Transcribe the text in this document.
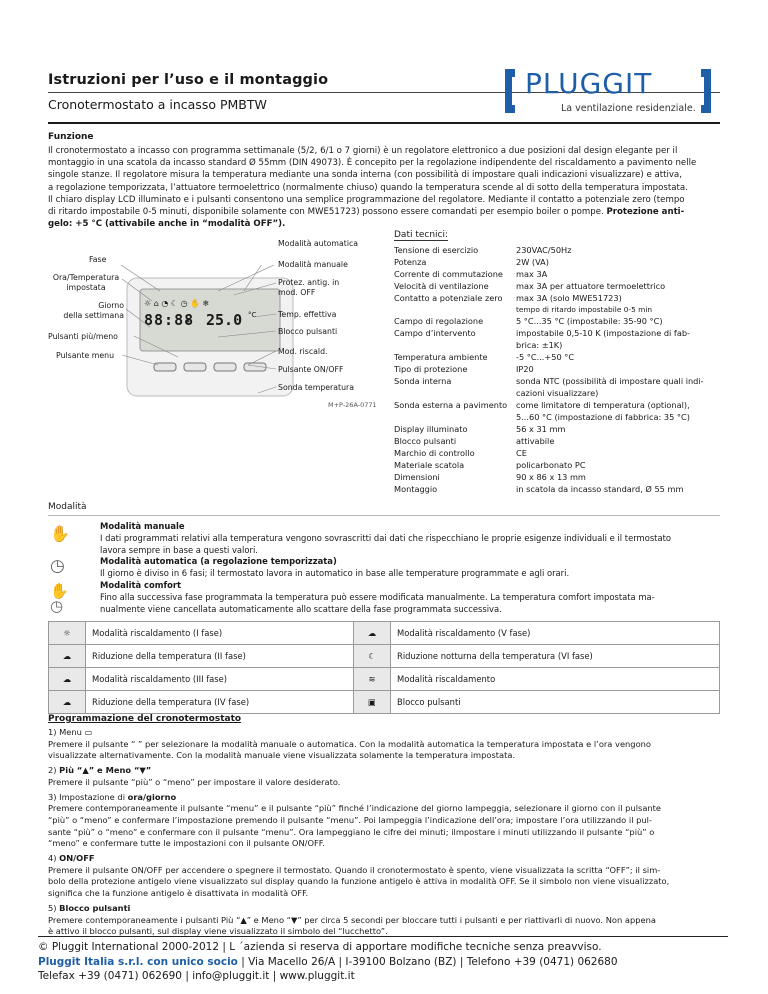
Istruzioni per l’uso e il montaggio
Cronotermostato a incasso PMBTW
PLUGGIT
La ventilazione residenziale.
Funzione
Il cronotermostato a incasso con programma settimanale (5/2, 6/1 o 7 giorni) è un regolatore elettronico a due posizioni dal design elegante per il
montaggio in una scatola da incasso standard Ø 55mm (DIN 49073). È concepito per la regolazione indipendente del riscaldamento a pavimento nelle
singole stanze. Il regolatore misura la temperatura mediante una sonda interna (con possibilità di impostare quali indicazioni visualizzare) e attiva,
a regolazione temporizzata, l’attuatore termoelettrico (normalmente chiuso) quando la temperatura scende al di sotto della temperatura impostata.
Il chiaro display LCD illuminato e i pulsanti consentono una semplice programmazione del regolatore. Mediante il contatto a potenziale zero (tempo
di ritardo impostabile 0-5 minuti, disponibile solamente con MWE51723) possono essere comandati per esempio boiler o pompe. Protezione anti-
gelo: +5 °C (attivabile anche in “modalità OFF”).
☼ ⌂ ◔ ☾ ◷ ✋ ❄
88:88 25.0 °C
Fase
Ora/Temperatura
impostata
Giorno
della settimana
Pulsanti più/meno
Pulsante menu
Modalità automatica
Modalità manuale
Protez. antig. in
mod. OFF
Temp. effettiva
Blocco pulsanti
Mod. riscald.
Pulsante ON/OFF
Sonda temperatura
M+P-26A-0771
Dati tecnici:
Tensione di esercizio	230VAC/50Hz
Potenza	2W (VA)
Corrente di commutazione	max 3A
Velocità di ventilazione	max 3A per attuatore termoelettrico
Contatto a potenziale zero	max 3A (solo MWE51723)
tempo di ritardo impostabile 0-5 min
Campo di regolazione	5 °C...35 °C (impostabile: 35-90 °C)
Campo d’intervento	impostabile 0,5-10 K (impostazione di fab-
brica: ±1K)
Temperatura ambiente	-5 °C...+50 °C
Tipo di protezione	IP20
Sonda interna	sonda NTC (possibilità di impostare quali indi-
cazioni visualizzare)
Sonda esterna a pavimento	come limitatore di temperatura (optional),
5...60 °C (impostazione di fabbrica: 35 °C)
Display illuminato	56 x 31 mm
Blocco pulsanti	attivabile
Marchio di controllo	CE
Materiale scatola	policarbonato PC
Dimensioni	90 x 86 x 13 mm
Montaggio	in scatola da incasso standard, Ø 55 mm
Modalità
✋
◷
✋
◷
Modalità manuale
I dati programmati relativi alla temperatura vengono sovrascritti dai dati che rispecchiano le proprie esigenze individuali e il termostato
lavora sempre in base a questi valori.
Modalità automatica (a regolazione temporizzata)
Il giorno è diviso in 6 fasi; il termostato lavora in automatico in base alle temperature programmate e agli orari.
Modalità comfort
Fino alla successiva fase programmata la temperatura può essere modificata manualmente. La temperatura comfort impostata ma-
nualmente viene cancellata automaticamente allo scattare della fase programmata successiva.
☼	Modalità riscaldamento (I fase)	☁	Modalità riscaldamento (V fase)
☁	Riduzione della temperatura (II fase)	☾	Riduzione notturna della temperatura (VI fase)
☁	Modalità riscaldamento (III fase)	≋	Modalità riscaldamento
☁	Riduzione della temperatura (IV fase)	▣	Blocco pulsanti
Programmazione del cronotermostato
1) Menu ▭
Premere il pulsante “ ” per selezionare la modalità manuale o automatica. Con la modalità automatica la temperatura impostata e l’ora vengono
visualizzate alternativamente. Con la modalità manuale viene visualizzata solamente la temperatura impostata.
2) Più “▲” e Meno “▼”
Premere il pulsante “più” o “meno” per impostare il valore desiderato.
3) Impostazione di ora/giorno
Premere contemporaneamente il pulsante “menu” e il pulsante “più” finché l’indicazione del giorno lampeggia, selezionare il giorno con il pulsante
“più” o “meno” e confermare l’impostazione premendo il pulsante “menu”. Poi lampeggia l’indicazione dell’ora; impostare l’ora utilizzando il pul-
sante “più” o “meno” e confermare con il pulsante “menu”. Ora lampeggiano le cifre dei minuti; ilmpostare i minuti utilizzando il pulsante “più” o
“meno” e confermare tutte le impostazioni con il pulsante ON/OFF.
4) ON/OFF
Premere il pulsante ON/OFF per accendere o spegnere il termostato. Quando il cronotermostato è spento, viene visualizzata la scritta “OFF”; il sim-
bolo della protezione antigelo viene visualizzato sul display quando la funzione antigelo è attiva in modalità OFF. Se il simbolo non viene visualizzato,
significa che la funzione antigelo è disattivata in modalità OFF.
5) Blocco pulsanti
Premere contemporaneamente i pulsanti Più “▲” e Meno “▼” per circa 5 secondi per bloccare tutti i pulsanti e per riattivarli di nuovo. Non appena
è attivo il blocco pulsanti, sul display viene visualizzato il simbolo del “lucchetto”.
© Pluggit International 2000-2012 | L ´azienda si reserva di apportare modifiche tecniche senza preavviso.
Pluggit Italia s.r.l. con unico socio | Via Macello 26/A | I-39100 Bolzano (BZ) | Telefono +39 (0471) 062680
Telefax +39 (0471) 062690 | info@pluggit.it | www.pluggit.it
